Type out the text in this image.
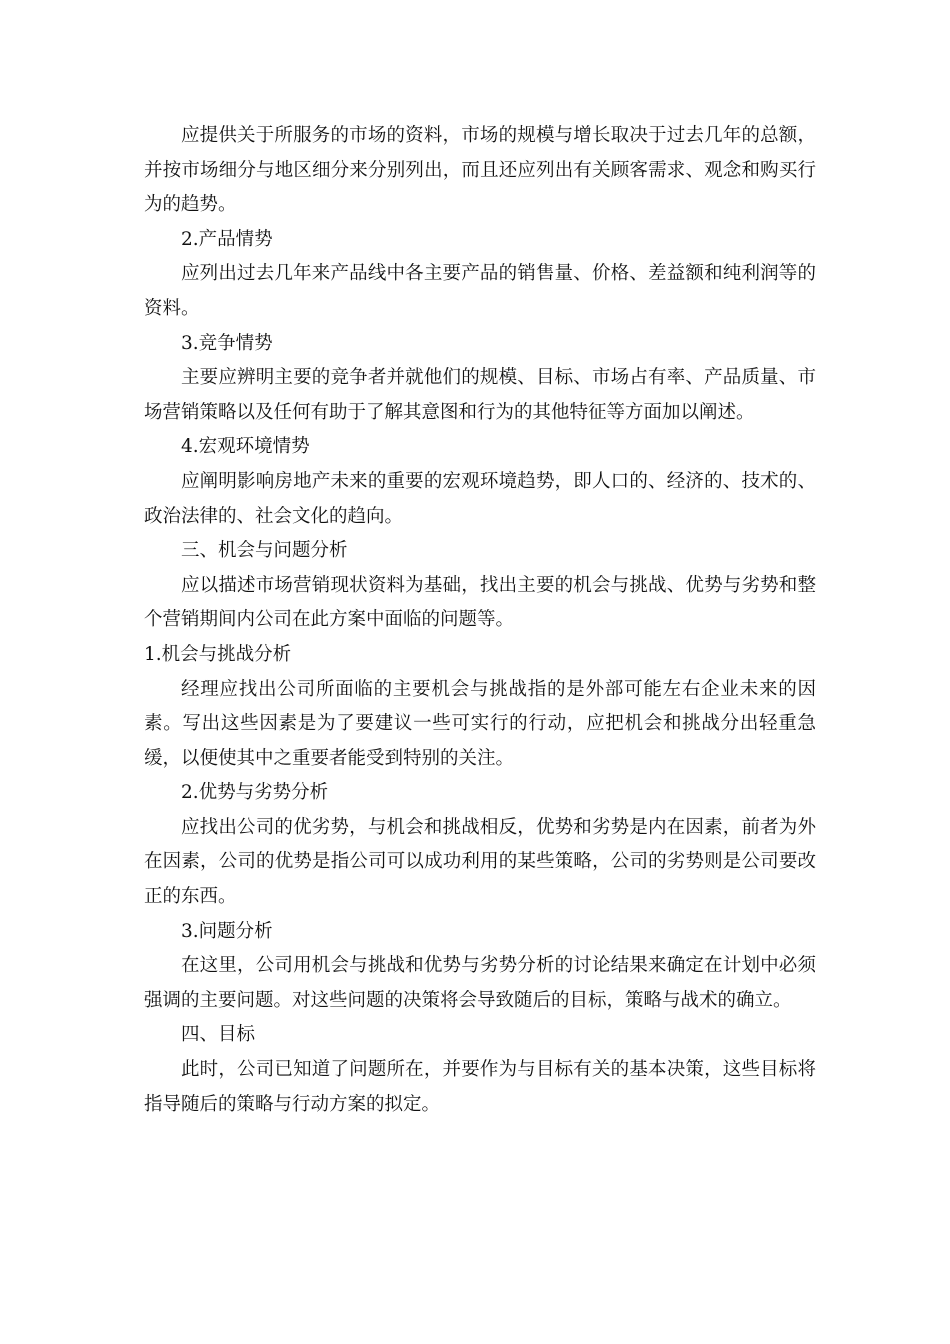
应提供关于所服务的市场的资料，市场的规模与增长取决于过去几年的总额，并按市场细分与地区细分来分别列出，而且还应列出有关顾客需求、观念和购买行为的趋势。

2.产品情势

应列出过去几年来产品线中各主要产品的销售量、价格、差益额和纯利润等的资料。

3.竞争情势

主要应辨明主要的竞争者并就他们的规模、目标、市场占有率、产品质量、市场营销策略以及任何有助于了解其意图和行为的其他特征等方面加以阐述。

4.宏观环境情势

应阐明影响房地产未来的重要的宏观环境趋势，即人口的、经济的、技术的、政治法律的、社会文化的趋向。

三、机会与问题分析

应以描述市场营销现状资料为基础，找出主要的机会与挑战、优势与劣势和整个营销期间内公司在此方案中面临的问题等。

1.机会与挑战分析

经理应找出公司所面临的主要机会与挑战指的是外部可能左右企业未来的因素。写出这些因素是为了要建议一些可实行的行动，应把机会和挑战分出轻重急缓，以便使其中之重要者能受到特别的关注。

2.优势与劣势分析

应找出公司的优劣势，与机会和挑战相反，优势和劣势是内在因素，前者为外在因素，公司的优势是指公司可以成功利用的某些策略，公司的劣势则是公司要改正的东西。

3.问题分析

在这里，公司用机会与挑战和优势与劣势分析的讨论结果来确定在计划中必须强调的主要问题。对这些问题的决策将会导致随后的目标，策略与战术的确立。

四、目标

此时，公司已知道了问题所在，并要作为与目标有关的基本决策，这些目标将指导随后的策略与行动方案的拟定。
